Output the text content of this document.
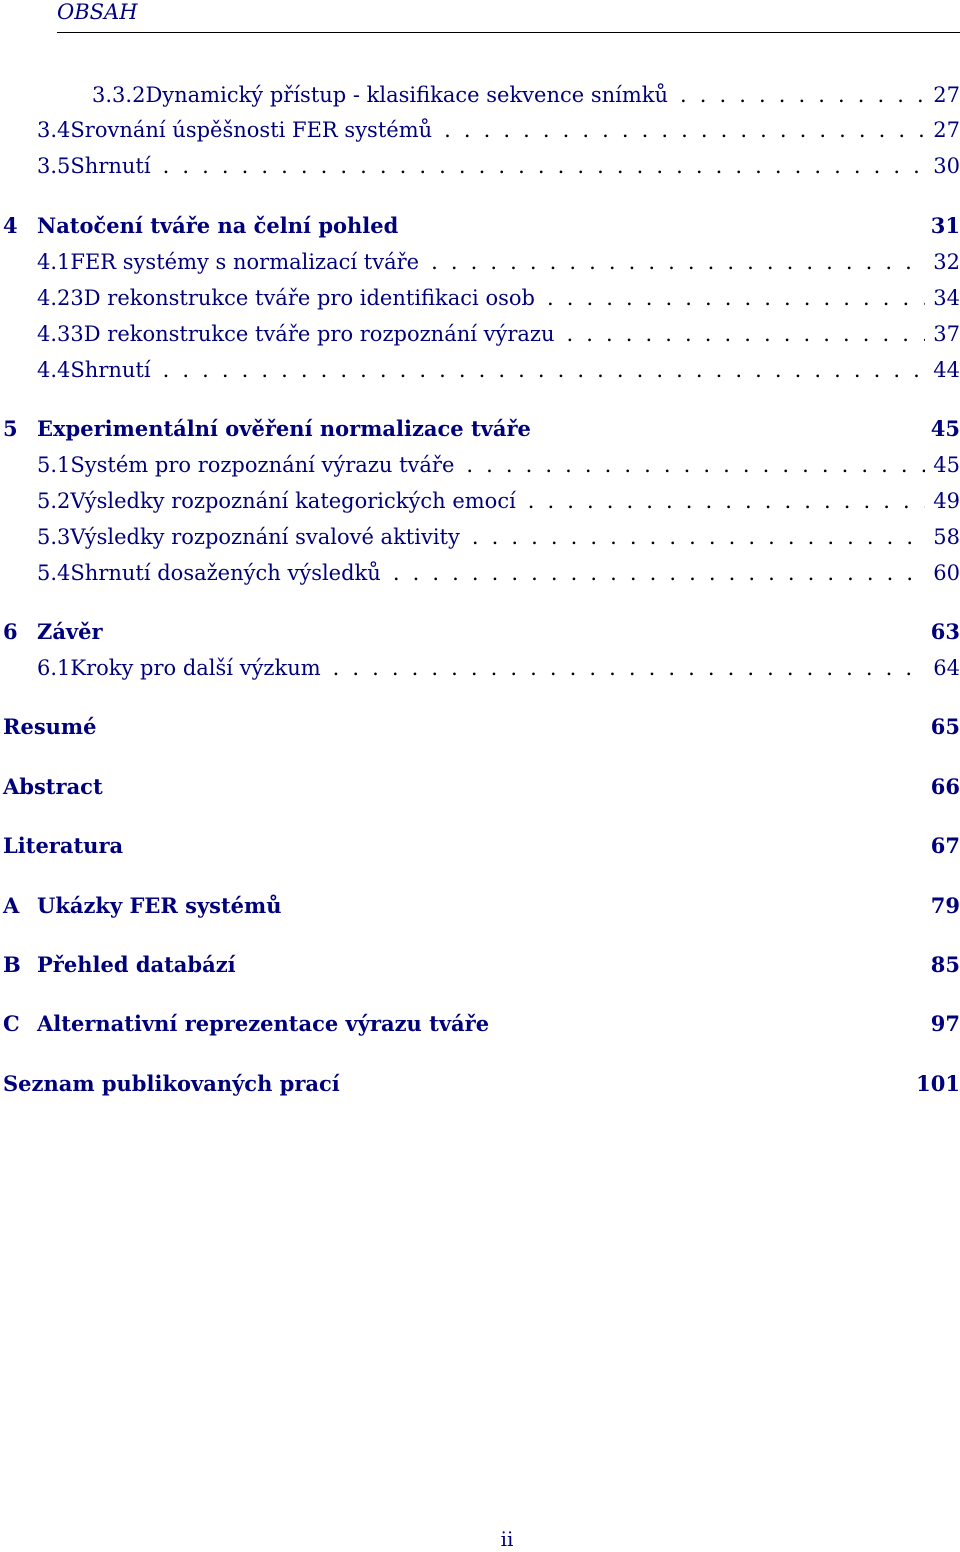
OBSAH
3.3.2 Dynamický přístup - klasifikace sekvence snímků . . .	27
3.4 Srovnání úspěšnosti FER systémů . . .	27
3.5 Shrnutí . . .	30
4 Natočení tváře na čelní pohled	31
4.1 FER systémy s normalizací tváře . . .	32
4.2 3D rekonstrukce tváře pro identifikaci osob . . .	34
4.3 3D rekonstrukce tváře pro rozpoznání výrazu . . .	37
4.4 Shrnutí . . .	44
5 Experimentální ověření normalizace tváře	45
5.1 Systém pro rozpoznání výrazu tváře . . .	45
5.2 Výsledky rozpoznání kategorických emocí . . .	49
5.3 Výsledky rozpoznání svalové aktivity . . .	58
5.4 Shrnutí dosažených výsledků . . .	60
6 Závěr	63
6.1 Kroky pro další výzkum . . .	64
Resumé	65
Abstract	66
Literatura	67
A Ukázky FER systémů	79
B Přehled databází	85
C Alternativní reprezentace výrazu tváře	97
Seznam publikovaných prací	101
ii
